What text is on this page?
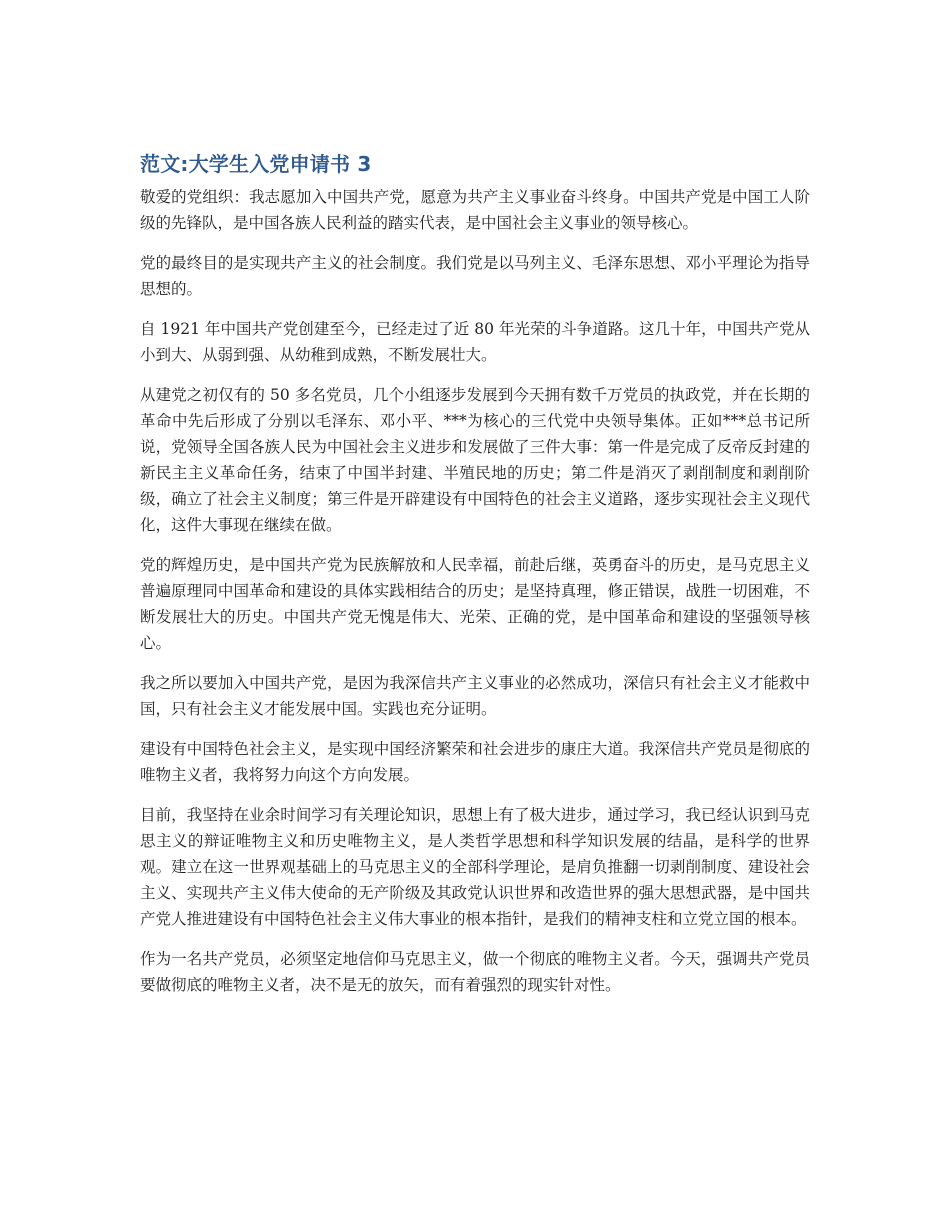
范文:大学生入党申请书 3

敬爱的党组织：我志愿加入中国共产党，愿意为共产主义事业奋斗终身。中国共产党是中国工人阶级的先锋队，是中国各族人民利益的踏实代表，是中国社会主义事业的领导核心。

党的最终目的是实现共产主义的社会制度。我们党是以马列主义、毛泽东思想、邓小平理论为指导思想的。

自 1921 年中国共产党创建至今，已经走过了近 80 年光荣的斗争道路。这几十年，中国共产党从小到大、从弱到强、从幼稚到成熟，不断发展壮大。

从建党之初仅有的 50 多名党员，几个小组逐步发展到今天拥有数千万党员的执政党，并在长期的革命中先后形成了分别以毛泽东、邓小平、***为核心的三代党中央领导集体。正如***总书记所说，党领导全国各族人民为中国社会主义进步和发展做了三件大事：第一件是完成了反帝反封建的新民主主义革命任务，结束了中国半封建、半殖民地的历史；第二件是消灭了剥削制度和剥削阶级，确立了社会主义制度；第三件是开辟建设有中国特色的社会主义道路，逐步实现社会主义现代化，这件大事现在继续在做。

党的辉煌历史，是中国共产党为民族解放和人民幸福，前赴后继，英勇奋斗的历史，是马克思主义普遍原理同中国革命和建设的具体实践相结合的历史；是坚持真理，修正错误，战胜一切困难，不断发展壮大的历史。中国共产党无愧是伟大、光荣、正确的党，是中国革命和建设的坚强领导核心。

我之所以要加入中国共产党，是因为我深信共产主义事业的必然成功，深信只有社会主义才能救中国，只有社会主义才能发展中国。实践也充分证明。

建设有中国特色社会主义，是实现中国经济繁荣和社会进步的康庄大道。我深信共产党员是彻底的唯物主义者，我将努力向这个方向发展。

目前，我坚持在业余时间学习有关理论知识，思想上有了极大进步，通过学习，我已经认识到马克思主义的辩证唯物主义和历史唯物主义，是人类哲学思想和科学知识发展的结晶，是科学的世界观。建立在这一世界观基础上的马克思主义的全部科学理论，是肩负推翻一切剥削制度、建设社会主义、实现共产主义伟大使命的无产阶级及其政党认识世界和改造世界的强大思想武器，是中国共产党人推进建设有中国特色社会主义伟大事业的根本指针，是我们的精神支柱和立党立国的根本。

作为一名共产党员，必须坚定地信仰马克思主义，做一个彻底的唯物主义者。今天，强调共产党员要做彻底的唯物主义者，决不是无的放矢，而有着强烈的现实针对性。
